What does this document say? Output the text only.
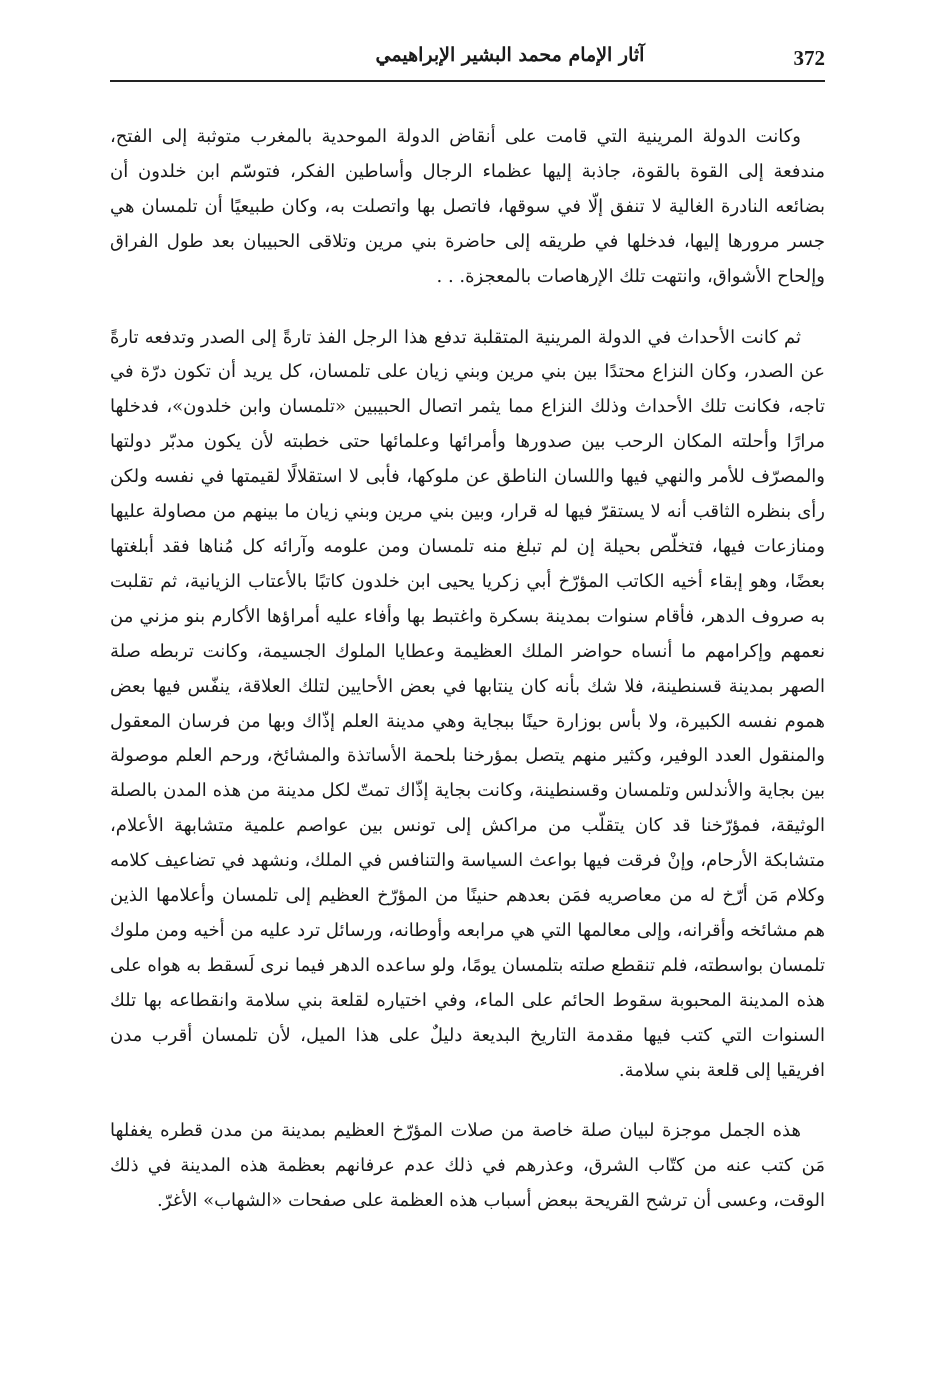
372
آثار الإمام محمد البشير الإبراهيمي

وكانت الدولة المرينية التي قامت على أنقاض الدولة الموحدية بالمغرب متوثبة إلى الفتح، مندفعة إلى القوة بالقوة، جاذبة إليها عظماء الرجال وأساطين الفكر، فتوسّم ابن خلدون أن بضائعه النادرة الغالية لا تنفق إلّا في سوقها، فاتصل بها واتصلت به، وكان طبيعيًا أن تلمسان هي جسر مرورها إليها، فدخلها في طريقه إلى حاضرة بني مرين وتلاقى الحبيبان بعد طول الفراق وإلحاح الأشواق، وانتهت تلك الإرهاصات بالمعجزة. . .

ثم كانت الأحداث في الدولة المرينية المتقلبة تدفع هذا الرجل الفذ تارةً إلى الصدر وتدفعه تارةً عن الصدر، وكان النزاع محتدًا بين بني مرين وبني زيان على تلمسان، كل يريد أن تكون درّة في تاجه، فكانت تلك الأحداث وذلك النزاع مما يثمر اتصال الحبيبين «تلمسان وابن خلدون»، فدخلها مرارًا وأحلته المكان الرحب بين صدورها وأمرائها وعلمائها حتى خطبته لأن يكون مدبّر دولتها والمصرّف للأمر والنهي فيها واللسان الناطق عن ملوكها، فأبى لا استقلالًا لقيمتها في نفسه ولكن رأى بنظره الثاقب أنه لا يستقرّ فيها له قرار، وبين بني مرين وبني زيان ما بينهم من مصاولة عليها ومنازعات فيها، فتخلّص بحيلة إن لم تبلغ منه تلمسان ومن علومه وآرائه كل مُناها فقد أبلغتها بعضًا، وهو إبقاء أخيه الكاتب المؤرّخ أبي زكريا يحيى ابن خلدون كاتبًا بالأعتاب الزيانية، ثم تقلبت به صروف الدهر، فأقام سنوات بمدينة بسكرة واغتبط بها وأفاء عليه أمراؤها الأكارم بنو مزني من نعمهم وإكرامهم ما أنساه حواضر الملك العظيمة وعطايا الملوك الجسيمة، وكانت تربطه صلة الصهر بمدينة قسنطينة، فلا شك بأنه كان ينتابها في بعض الأحايين لتلك العلاقة، ينفّس فيها بعض هموم نفسه الكبيرة، ولا بأس بوزارة حينًا ببجاية وهي مدينة العلم إذّاك وبها من فرسان المعقول والمنقول العدد الوفير، وكثير منهم يتصل بمؤرخنا بلحمة الأساتذة والمشائخ، ورحم العلم موصولة بين بجاية والأندلس وتلمسان وقسنطينة، وكانت بجاية إذّاك تمتّ لكل مدينة من هذه المدن بالصلة الوثيقة، فمؤرّخنا قد كان يتقلّب من مراكش إلى تونس بين عواصم علمية متشابهة الأعلام، متشابكة الأرحام، وإنْ فرقت فيها بواعث السياسة والتنافس في الملك، ونشهد في تضاعيف كلامه وكلام مَن أرّخ له من معاصريه فمَن بعدهم حنينًا من المؤرّخ العظيم إلى تلمسان وأعلامها الذين هم مشائخه وأقرانه، وإلى معالمها التي هي مرابعه وأوطانه، ورسائل ترد عليه من أخيه ومن ملوك تلمسان بواسطته، فلم تنقطع صلته بتلمسان يومًا، ولو ساعده الدهر فيما نرى لَسقط به هواه على هذه المدينة المحبوبة سقوط الحائم على الماء، وفي اختياره لقلعة بني سلامة وانقطاعه بها تلك السنوات التي كتب فيها مقدمة التاريخ البديعة دليلٌ على هذا الميل، لأن تلمسان أقرب مدن افريقيا إلى قلعة بني سلامة.

هذه الجمل موجزة لبيان صلة خاصة من صلات المؤرّخ العظيم بمدينة من مدن قطره يغفلها مَن كتب عنه من كتّاب الشرق، وعذرهم في ذلك عدم عرفانهم بعظمة هذه المدينة في ذلك الوقت، وعسى أن ترشح القريحة ببعض أسباب هذه العظمة على صفحات «الشهاب» الأغرّ.
